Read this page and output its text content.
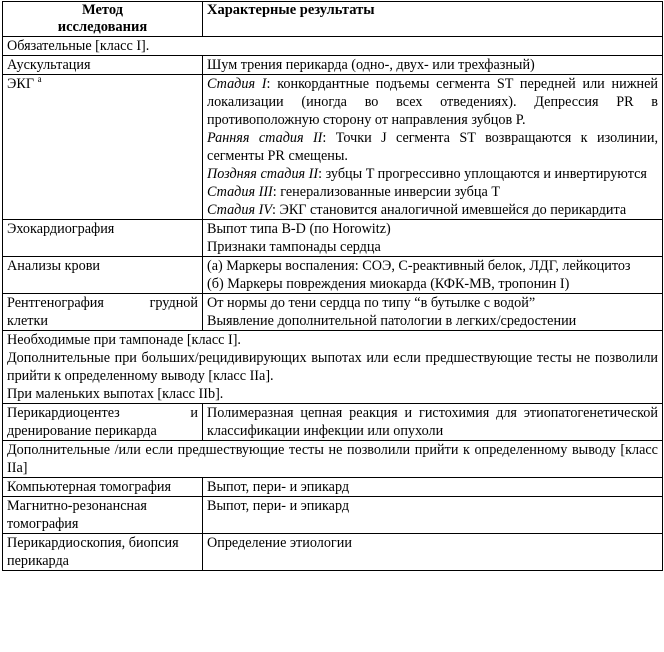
Метод
исследования	Характерные результаты
Обязательные [класс I].	
Аускультация	Шум трения перикарда (одно-, двух- или трехфазный)
ЭКГ $^a$	Стадия I: конкордантные подъемы сегмента ST передней или нижней локализации (иногда во всех отведениях). Депрессия PR в противоположную сторону от направления зубцов P.
Ранняя стадия II: Точки J сегмента ST возвращаются к изолинии, сегменты PR смещены.
Поздняя стадия II: зубцы T прогрессивно уплощаются и инвертируются
Стадия III: генерализованные инверсии зубца T
Стадия IV: ЭКГ становится аналогичной имевшейся до перикардита

Эхокардиография	Выпот типа B-D (по Horowitz)
Признаки тампонады сердца

Анализы крови	(а) Маркеры воспаления: СОЭ, С-реактивный белок, ЛДГ, лейкоцитоз
(б) Маркеры повреждения миокарда (КФК-МВ, тропонин I)

Рентгенография грудной клетки	От нормы до тени сердца по типу “в бутылке с водой”
Выявление дополнительной патологии в легких/средостении

Необходимые при тампонаде [класс I].
Дополнительные при больших/рецидивирующих выпотах или если предшествующие тесты не позволили прийти к определенному выводу [класс IIa].
При маленьких выпотах [класс IIb].	

Перикардиоцентез и дренирование перикарда	Полимеразная цепная реакция и гистохимия для этиопатогенетической классификации инфекции или опухоли
Дополнительные /или если предшествующие тесты не позволили прийти к определенному выводу [класс IIa]	
Компьютерная томография	Выпот, пери- и эпикард
Магнитно-резонансная томография	Выпот, пери- и эпикард
Перикардиоскопия, биопсия перикарда	Определение этиологии
